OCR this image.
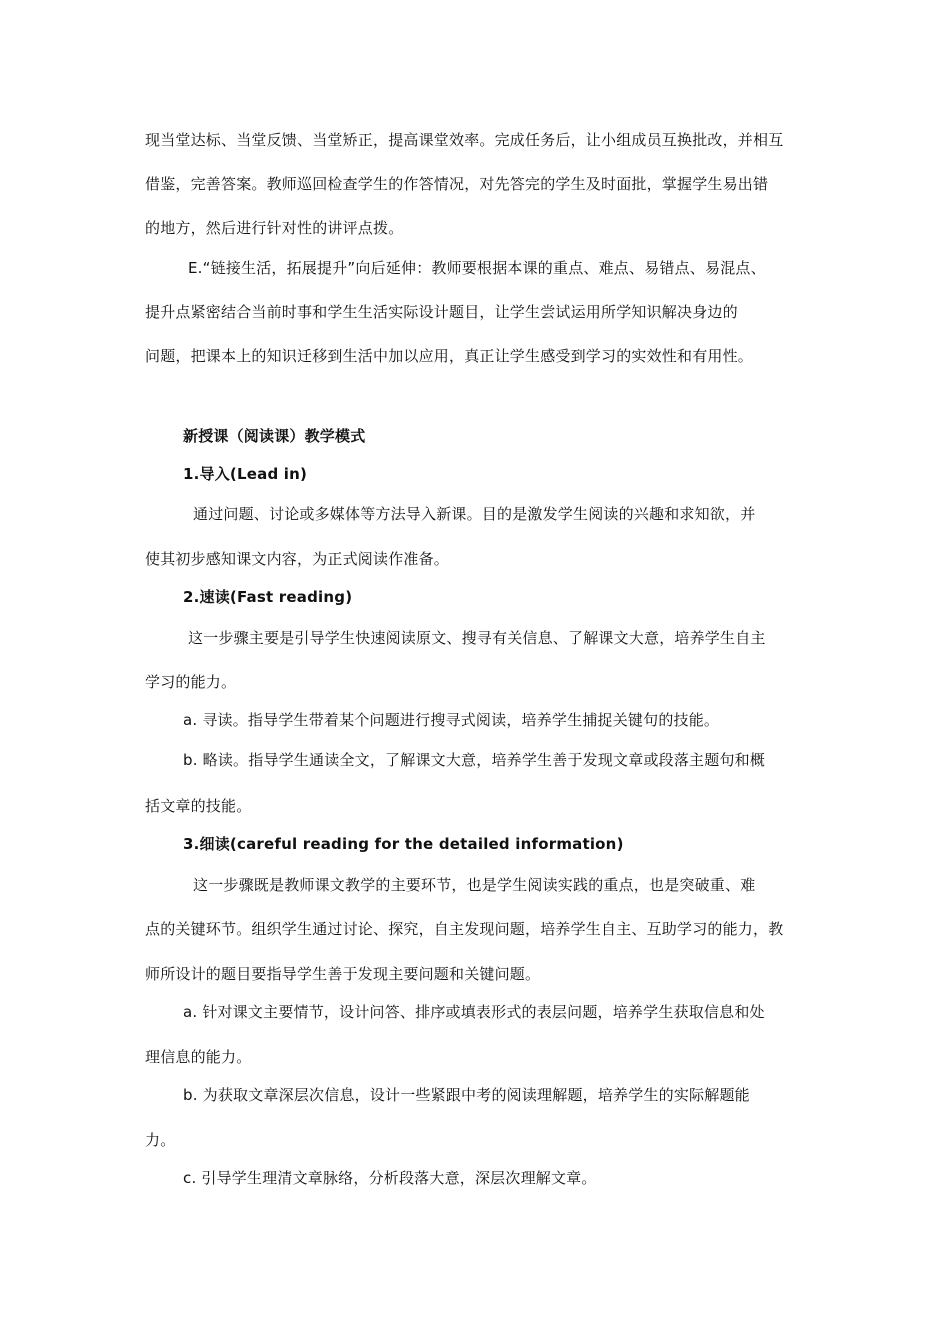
现当堂达标、当堂反馈、当堂矫正，提高课堂效率。完成任务后，让小组成员互换批改，并相互
借鉴，完善答案。教师巡回检查学生的作答情况，对先答完的学生及时面批，掌握学生易出错
的地方，然后进行针对性的讲评点拨。
E.“链接生活，拓展提升”向后延伸：教师要根据本课的重点、难点、易错点、易混点、
提升点紧密结合当前时事和学生生活实际设计题目，让学生尝试运用所学知识解决身边的
问题，把课本上的知识迁移到生活中加以应用，真正让学生感受到学习的实效性和有用性。
新授课（阅读课）教学模式
1.导入(Lead in)
通过问题、讨论或多媒体等方法导入新课。目的是激发学生阅读的兴趣和求知欲，并
使其初步感知课文内容，为正式阅读作准备。
2.速读(Fast reading)
这一步骤主要是引导学生快速阅读原文、搜寻有关信息、了解课文大意，培养学生自主
学习的能力。
a. 寻读。指导学生带着某个问题进行搜寻式阅读，培养学生捕捉关键句的技能。
b. 略读。指导学生通读全文，了解课文大意，培养学生善于发现文章或段落主题句和概
括文章的技能。
3.细读(careful reading for the detailed information)
这一步骤既是教师课文教学的主要环节，也是学生阅读实践的重点，也是突破重、难
点的关键环节。组织学生通过讨论、探究，自主发现问题，培养学生自主、互助学习的能力，教
师所设计的题目要指导学生善于发现主要问题和关键问题。
a. 针对课文主要情节，设计问答、排序或填表形式的表层问题，培养学生获取信息和处
理信息的能力。
b. 为获取文章深层次信息，设计一些紧跟中考的阅读理解题，培养学生的实际解题能
力。
c. 引导学生理清文章脉络，分析段落大意，深层次理解文章。
